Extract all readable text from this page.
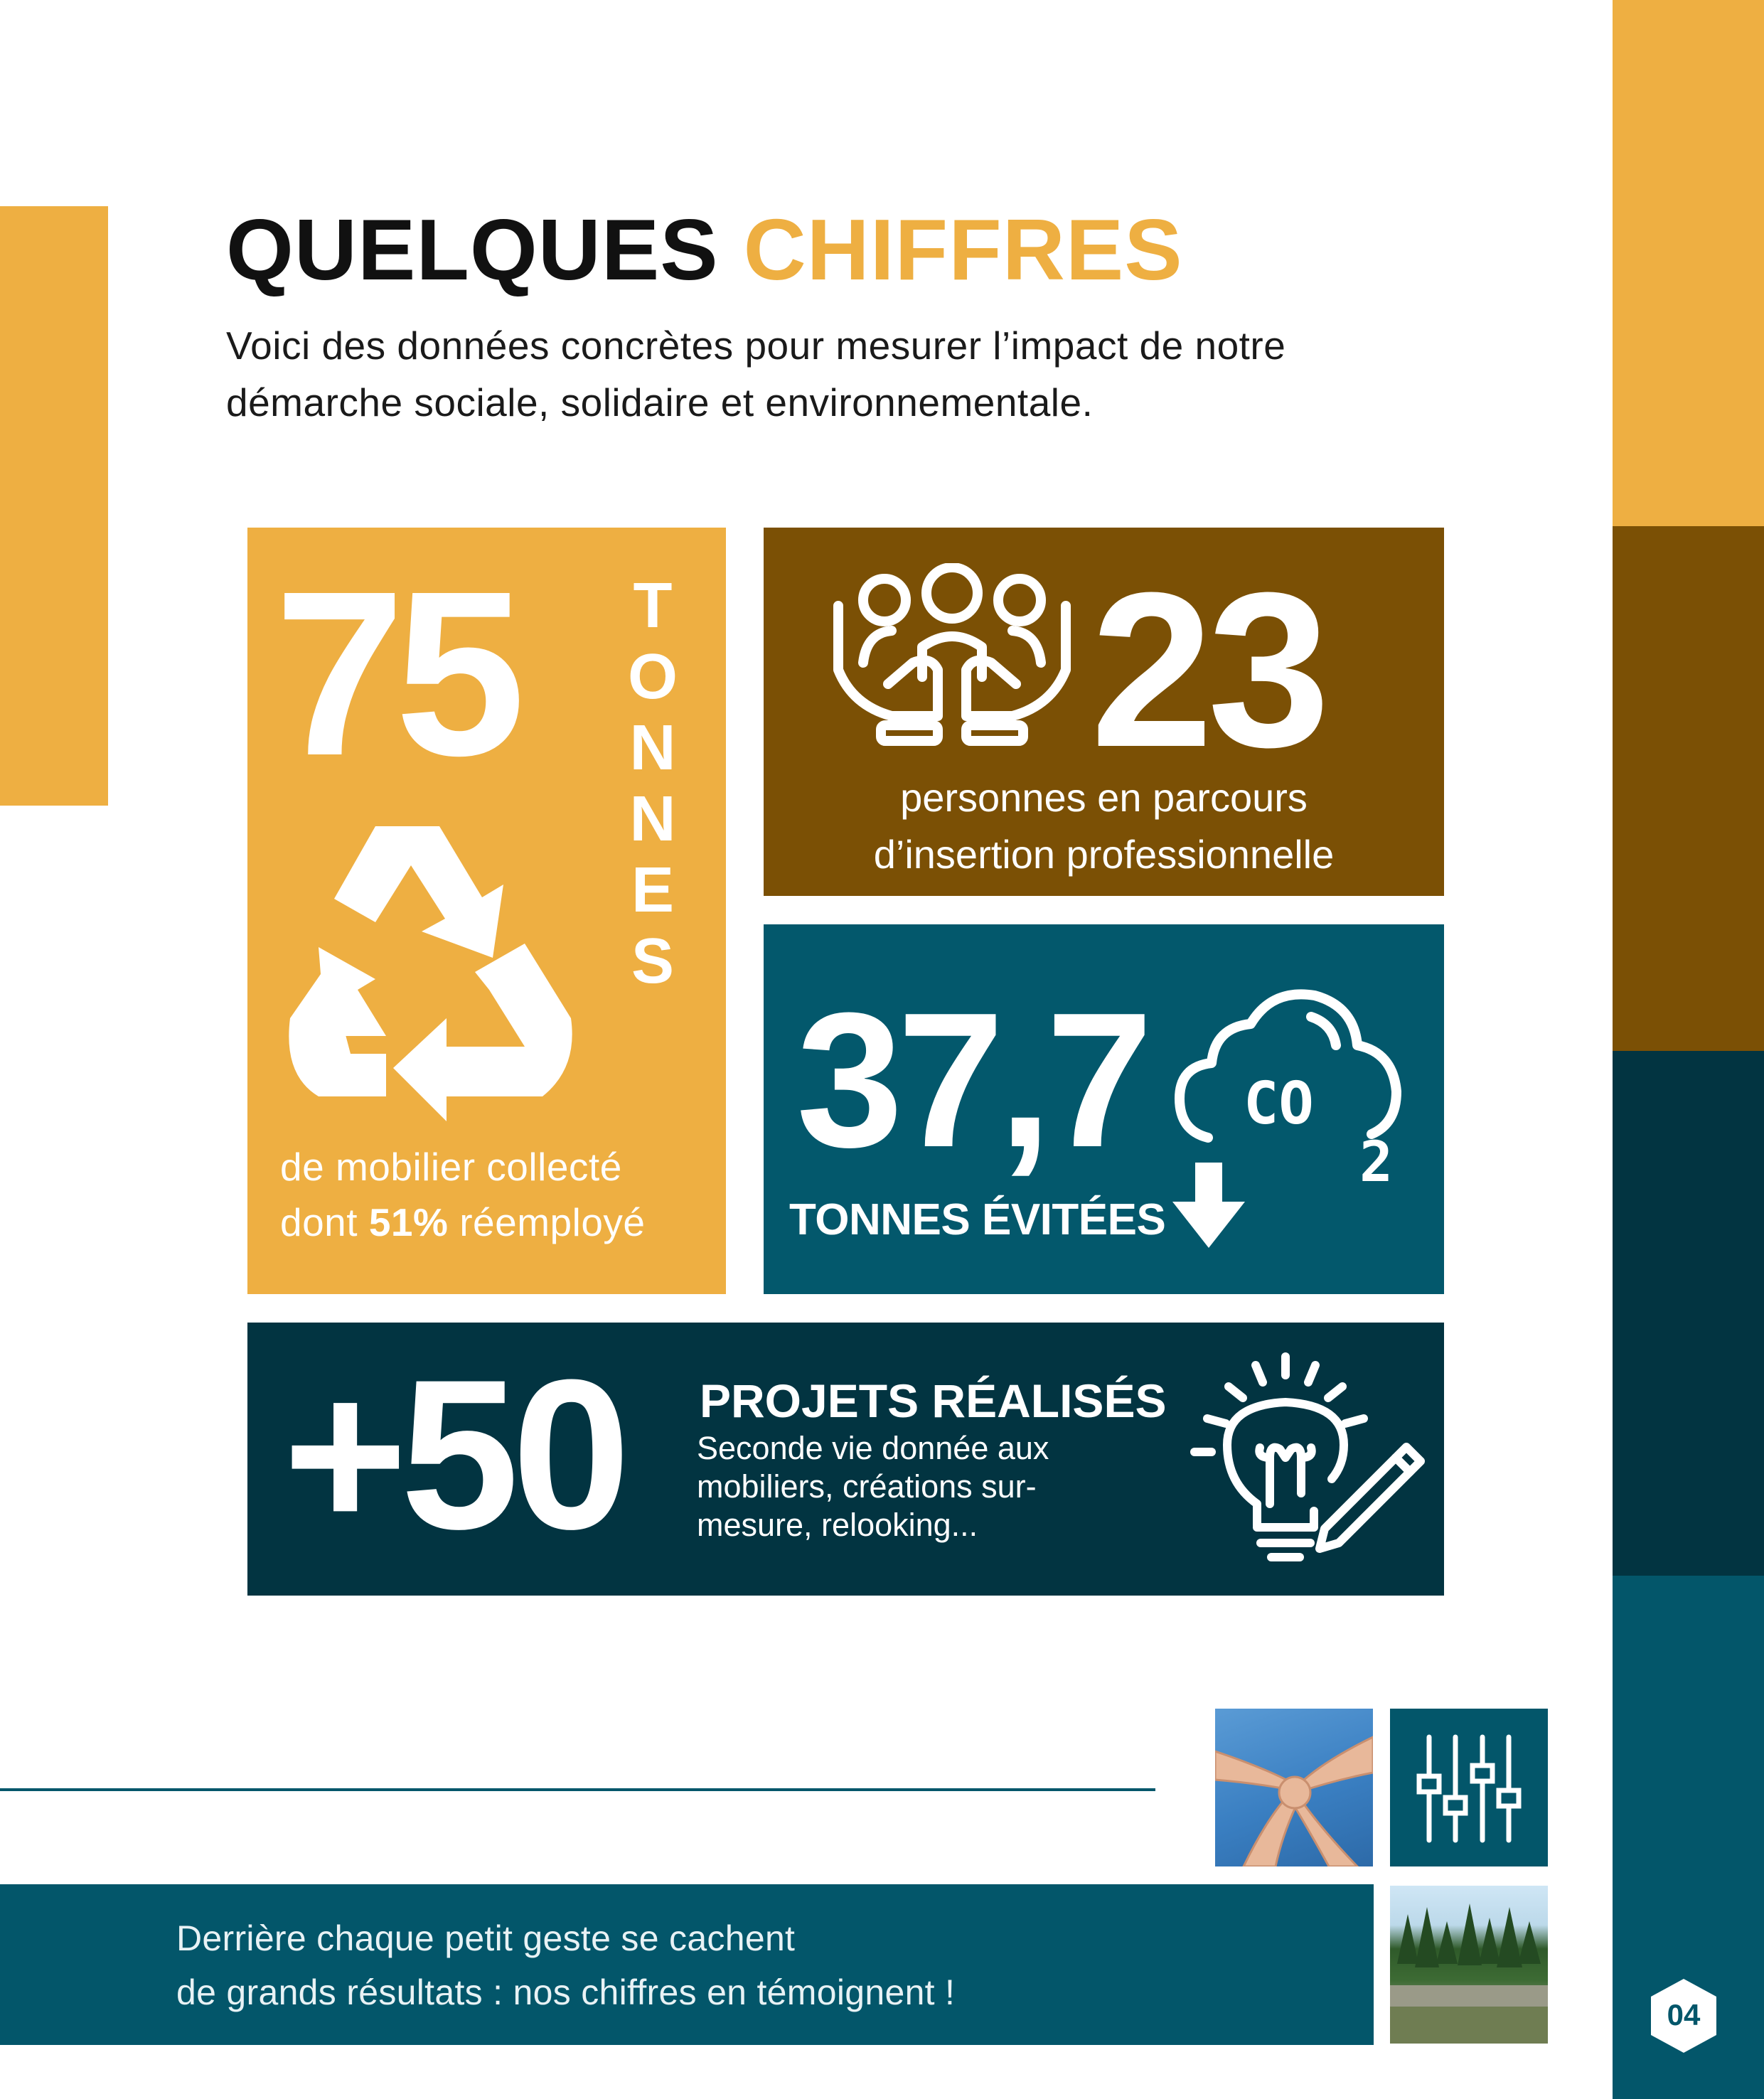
QUELQUES CHIFFRES
Voici des données concrètes pour mesurer l’impact de notre
démarche sociale, solidaire et environnementale.
75 T
O
N
N
E
S
de mobilier collecté
dont 51% réemployé
23
personnes en parcours
d’insertion professionnelle
37,7
TONNES ÉVITÉES
CO
2
+50 PROJETS RÉALISÉS
Seconde vie donnée aux
mobiliers, créations sur-
mesure, relooking...
Derrière chaque petit geste se cachent
de grands résultats : nos chiffres en témoignent !
04
